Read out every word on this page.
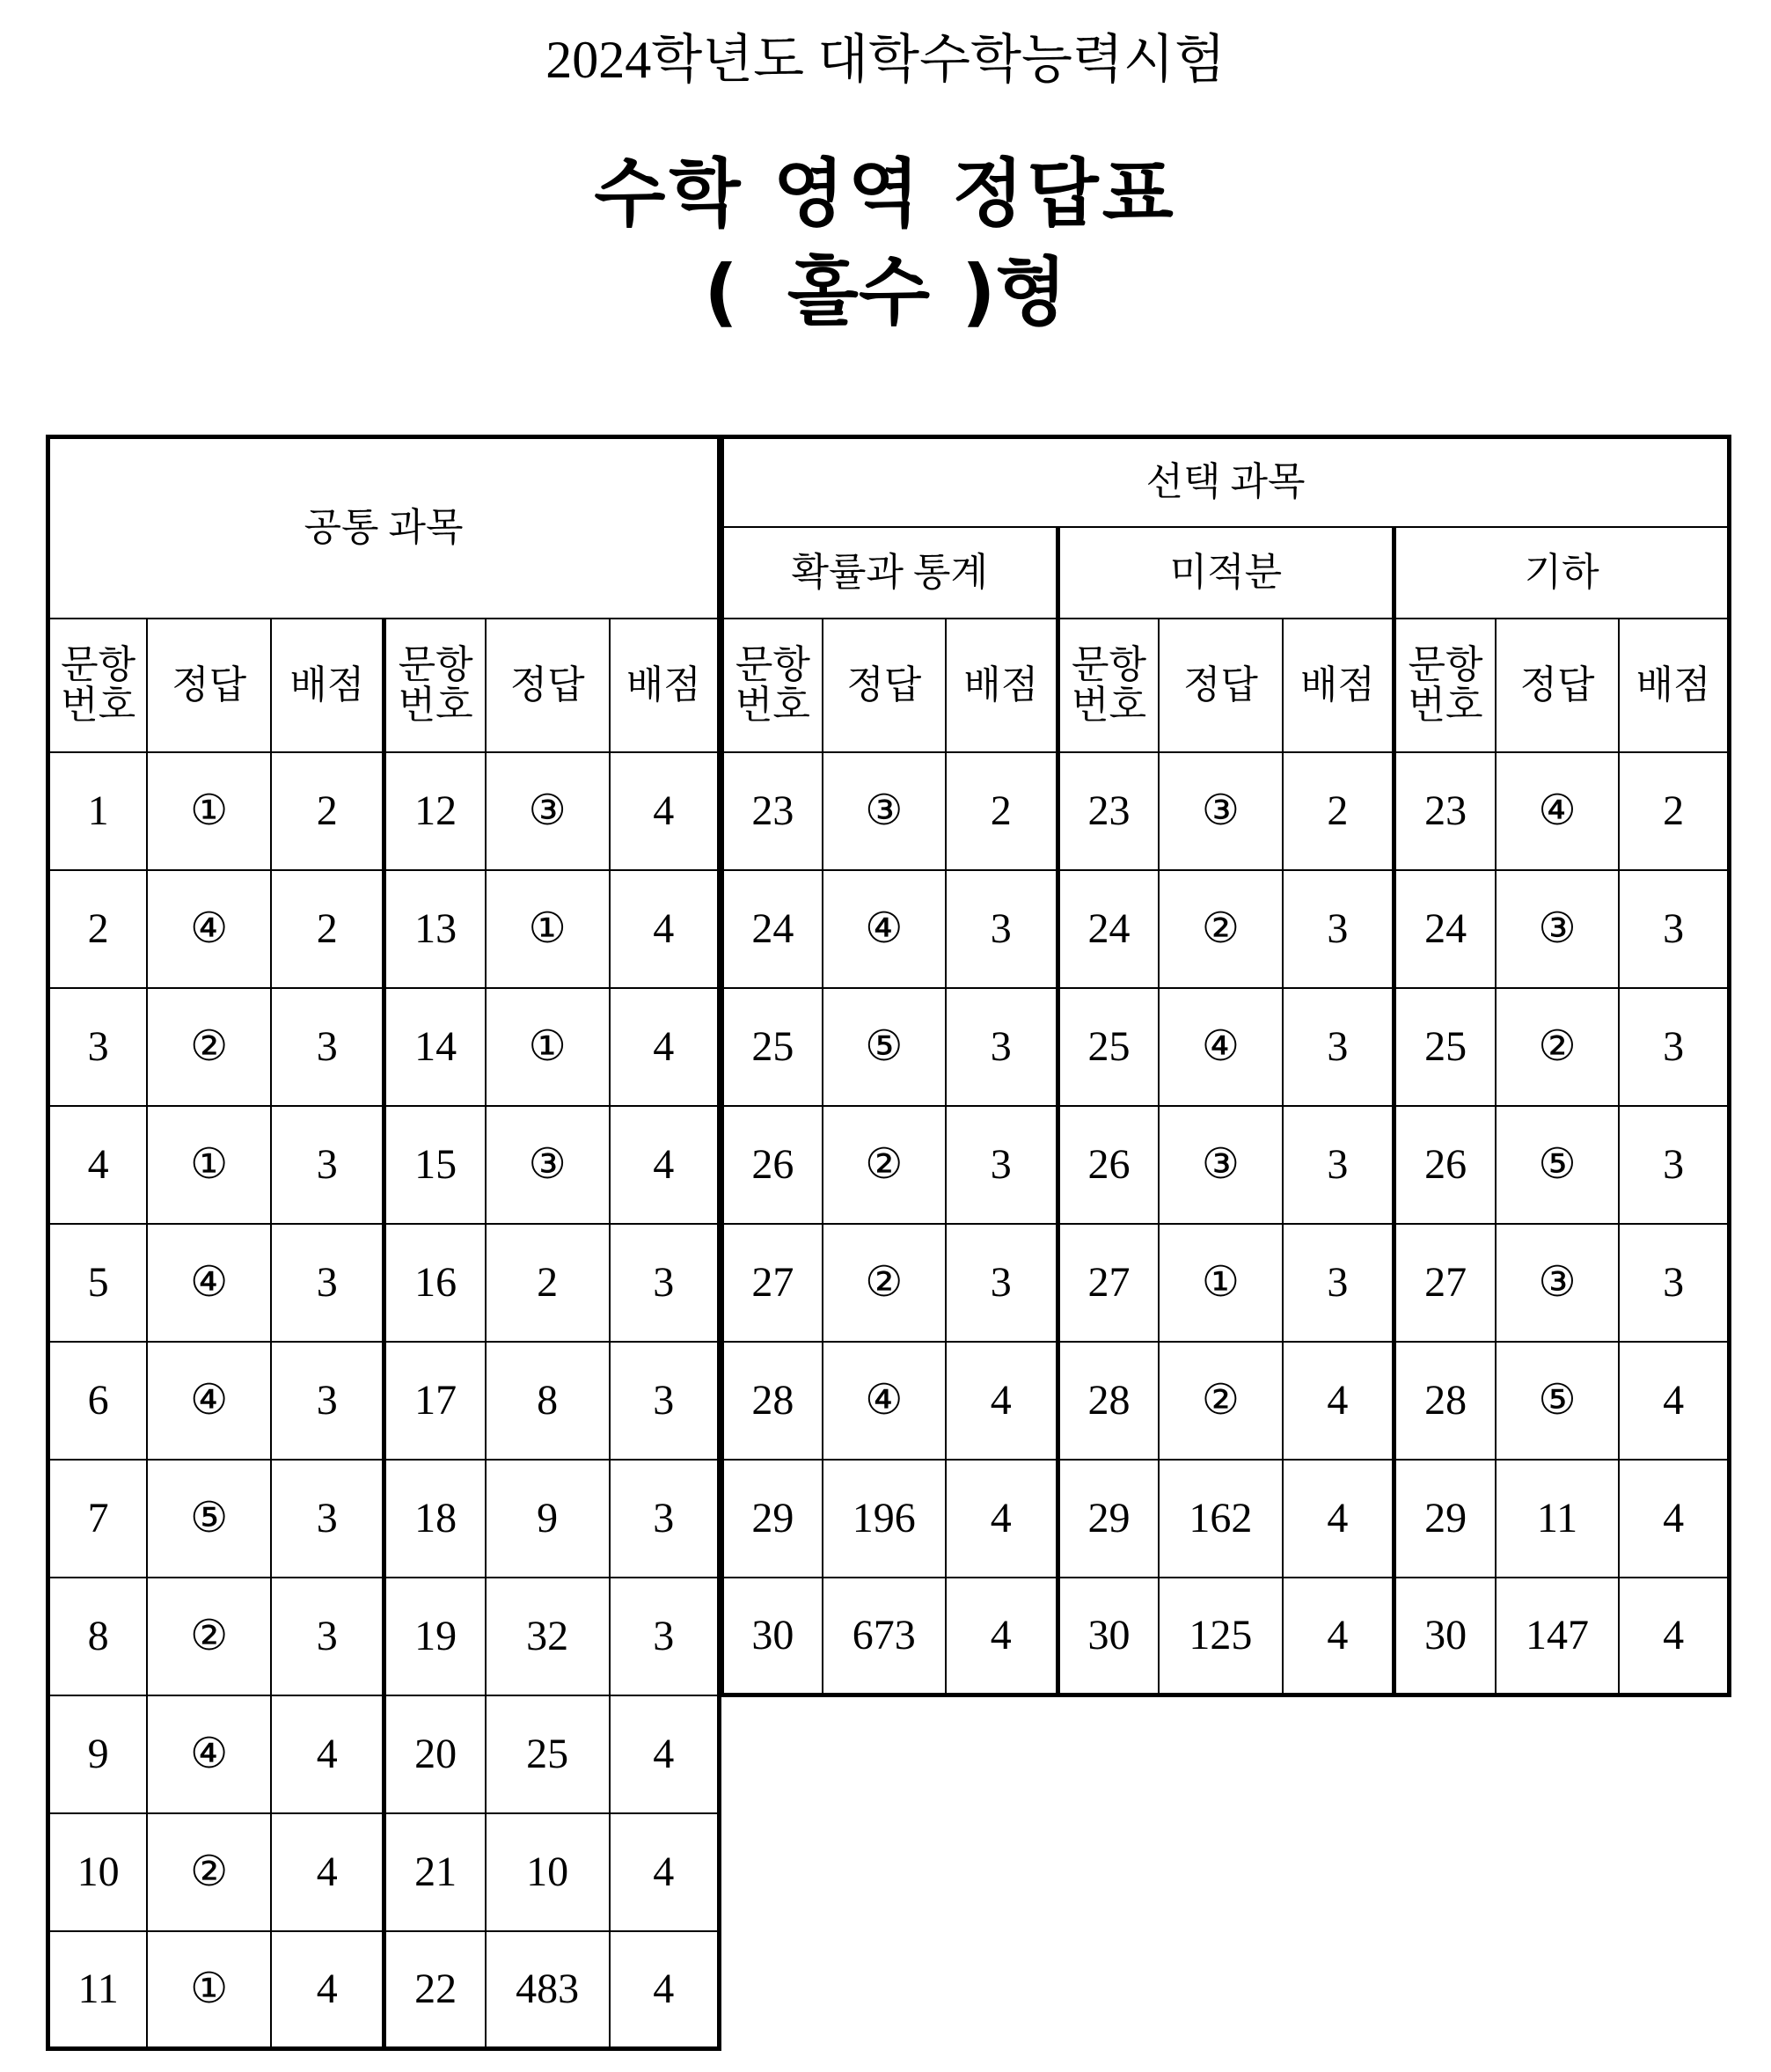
2024학년도 대학수학능력시험
수학 영역 정답표
( 홀수 )형
공통 과목					
문항
번호	정답	배점	문항
번호	정답	배점
1	①	2	12	③	4
2	④	2	13	①	4
3	②	3	14	①	4
4	①	3	15	③	4
5	④	3	16	2	3
6	④	3	17	8	3
7	⑤	3	18	9	3
8	②	3	19	32	3
9	④	4	20	25	4
10	②	4	21	10	4
11	①	4	22	483	4
선택 과목								
확률과 통계			미적분			기하		
문항
번호	정답	배점	문항
번호	정답	배점	문항
번호	정답	배점
23	③	2	23	③	2	23	④	2
24	④	3	24	②	3	24	③	3
25	⑤	3	25	④	3	25	②	3
26	②	3	26	③	3	26	⑤	3
27	②	3	27	①	3	27	③	3
28	④	4	28	②	4	28	⑤	4
29	196	4	29	162	4	29	11	4
30	673	4	30	125	4	30	147	4
